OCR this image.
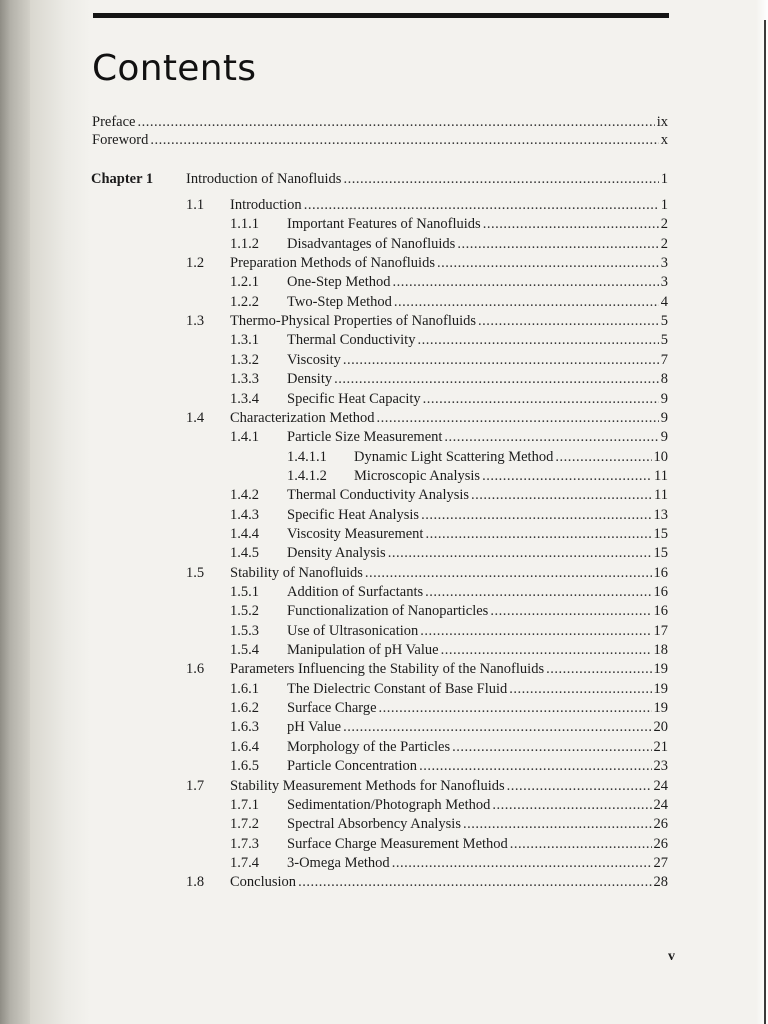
Contents
Preface .....	ix
Foreword .....	x
Chapter 1 Introduction of Nanofluids .....	1
1.1 Introduction .....	1
1.1.1 Important Features of Nanofluids .....	2
1.1.2 Disadvantages of Nanofluids .....	2
1.2 Preparation Methods of Nanofluids .....	3
1.2.1 One-Step Method .....	3
1.2.2 Two-Step Method .....	4
1.3 Thermo-Physical Properties of Nanofluids .....	5
1.3.1 Thermal Conductivity .....	5
1.3.2 Viscosity .....	7
1.3.3 Density .....	8
1.3.4 Specific Heat Capacity .....	9
1.4 Characterization Method .....	9
1.4.1 Particle Size Measurement .....	9
1.4.1.1 Dynamic Light Scattering Method .....	10
1.4.1.2 Microscopic Analysis .....	11
1.4.2 Thermal Conductivity Analysis .....	11
1.4.3 Specific Heat Analysis .....	13
1.4.4 Viscosity Measurement .....	15
1.4.5 Density Analysis .....	15
1.5 Stability of Nanofluids .....	16
1.5.1 Addition of Surfactants .....	16
1.5.2 Functionalization of Nanoparticles .....	16
1.5.3 Use of Ultrasonication .....	17
1.5.4 Manipulation of pH Value .....	18
1.6 Parameters Influencing the Stability of the Nanofluids .....	19
1.6.1 The Dielectric Constant of Base Fluid .....	19
1.6.2 Surface Charge .....	19
1.6.3 pH Value .....	20
1.6.4 Morphology of the Particles .....	21
1.6.5 Particle Concentration .....	23
1.7 Stability Measurement Methods for Nanofluids .....	24
1.7.1 Sedimentation/Photograph Method .....	24
1.7.2 Spectral Absorbency Analysis .....	26
1.7.3 Surface Charge Measurement Method .....	26
1.7.4 3-Omega Method .....	27
1.8 Conclusion .....	28
v
